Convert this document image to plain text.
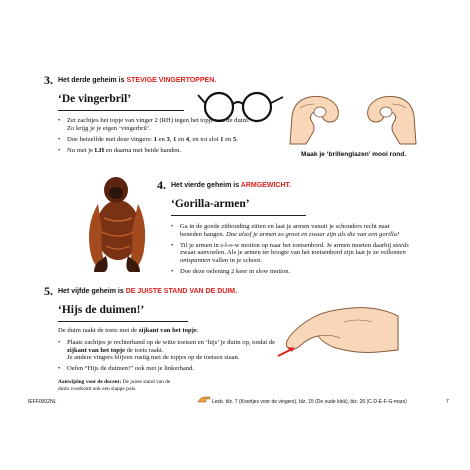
3. Het derde geheim is STEVIGE VINGERTOPPEN.
‘De vingerbril’
• Zet zachtjes het topje van vinger 2 (RH) tegen het topje van de duim.
Zo krijg je je eigen ‘vingerbril’.
• Doe hetzelfde met deze vingers: 1 en 3, 1 en 4, en tot slot 1 en 5.
• Nu met je LH en daarna met beide handen.
Maak je ‘brillenglazen’ mooi rond.
4. Het vierde geheim is ARMGEWICHT.
‘Gorilla-armen’
• Ga in de goede zithouding zitten en laat je armen vanuit je schouders recht naar beneden hangen. Doe alsof je armen zo groot en zwaar zijn als die van een gorilla!
• Til je armen in s-l-o-w motion op naar het toetsenbord. Je armen moeten daarbij steeds zwaar aanvoelen. Als je armen ter hoogte van het toetsenbord zijn laat je ze volkomen ontspannen vallen in je schoot.
• Doe deze oefening 2 keer in slow motion.
5. Het vijfde geheim is DE JUISTE STAND VAN DE DUIM.
‘Hijs de duimen!’
De duim raakt de toets met de zijkant van het topje.
• Plaats zachtjes je rechterhand op de witte toetsen en ‘hijs’ je duim op, totdat de zijkant van het topje de toets raakt.
Je andere vingers blijven rustig met de topjes op de toetsen staan.
• Oefen “Hijs de duimen!” ook met je linkerhand.
Aanwijzing voor de docent: De juiste stand van de duim voorkomt ook een slappe pols.
IEFF0002NL	Lesb. blz. 7 (Koortjes voor de vingers), blz. 15 (De oude klok), blz. 26 (C-D-E-F-G-mars)	7
